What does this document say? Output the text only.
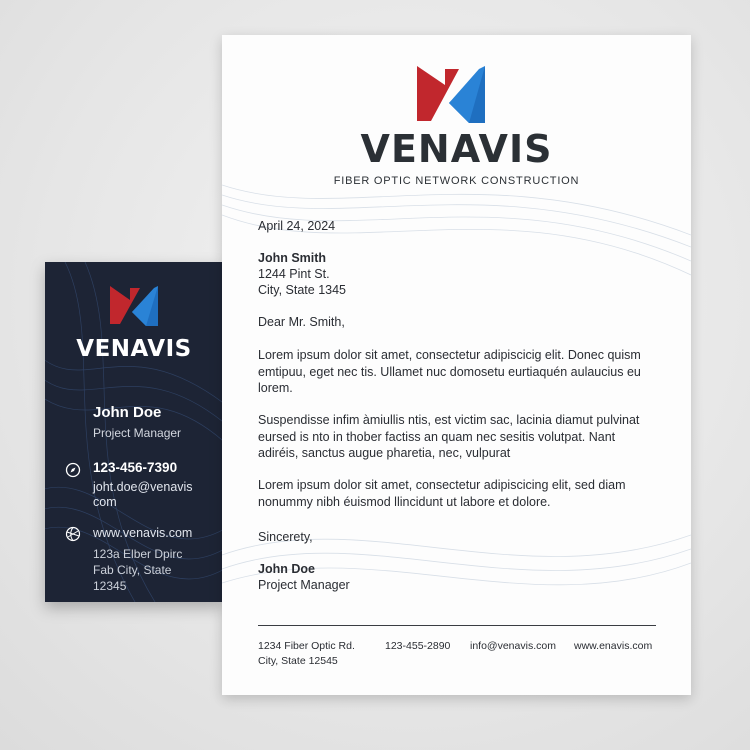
VENAVIS
John Doe
Project Manager
123-456-7390
joht.doe@venavis com
www.venavis.com
123a Elber Dpirc
Fab City, State
12345
VENAVIS
FIBER OPTIC NETWORK CONSTRUCTION
April 24, 2024
John Smith
1244 Pint St.
City, State 1345
Dear Mr. Smith,
Lorem ipsum dolor sit amet, consectetur adipiscicig elit. Donec quism emtipuu, eget nec tis. Ullamet nuc domosetu eurtiaquén aulaucius eu lorem.
Suspendisse infim àmiullis ntis, est victim sac, lacinia diamut pulvinat eursed is nto in thober factiss an quam nec sesitis volutpat. Nant adiréis, sanctus augue pharetia, nec, vulpurat
Lorem ipsum dolor sit amet, consectetur adipiscicing elit, sed diam nonummy nibh éuismod llincidunt ut labore et dolore.
Sincerety,
John Doe
Project Manager
1234 Fiber Optic Rd.
City, State 12545
123-455-2890 info@venavis.com www.enavis.com
